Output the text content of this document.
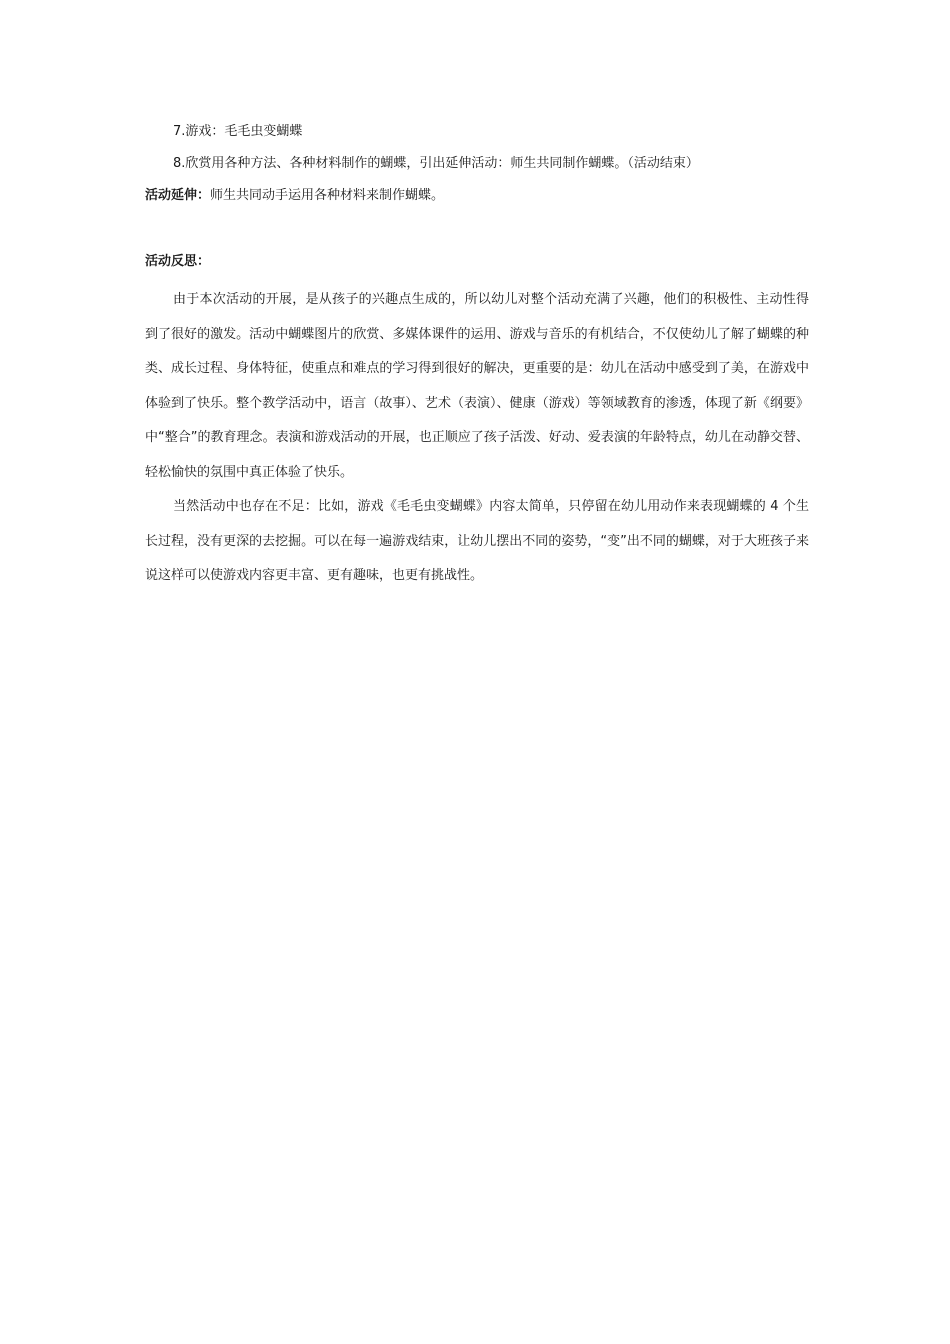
7.游戏：毛毛虫变蝴蝶

8.欣赏用各种方法、各种材料制作的蝴蝶，引出延伸活动：师生共同制作蝴蝶。（活动结束）

活动延伸：师生共同动手运用各种材料来制作蝴蝶。

活动反思：

由于本次活动的开展，是从孩子的兴趣点生成的，所以幼儿对整个活动充满了兴趣，他们的积极性、主动性得到了很好的激发。活动中蝴蝶图片的欣赏、多媒体课件的运用、游戏与音乐的有机结合，不仅使幼儿了解了蝴蝶的种类、成长过程、身体特征，使重点和难点的学习得到很好的解决，更重要的是：幼儿在活动中感受到了美，在游戏中体验到了快乐。整个教学活动中，语言（故事）、艺术（表演）、健康（游戏）等领域教育的渗透，体现了新《纲要》中“整合”的教育理念。表演和游戏活动的开展，也正顺应了孩子活泼、好动、爱表演的年龄特点，幼儿在动静交替、轻松愉快的氛围中真正体验了快乐。

当然活动中也存在不足：比如，游戏《毛毛虫变蝴蝶》内容太简单，只停留在幼儿用动作来表现蝴蝶的 4 个生长过程，没有更深的去挖掘。可以在每一遍游戏结束，让幼儿摆出不同的姿势，“变”出不同的蝴蝶，对于大班孩子来说这样可以使游戏内容更丰富、更有趣味，也更有挑战性。
